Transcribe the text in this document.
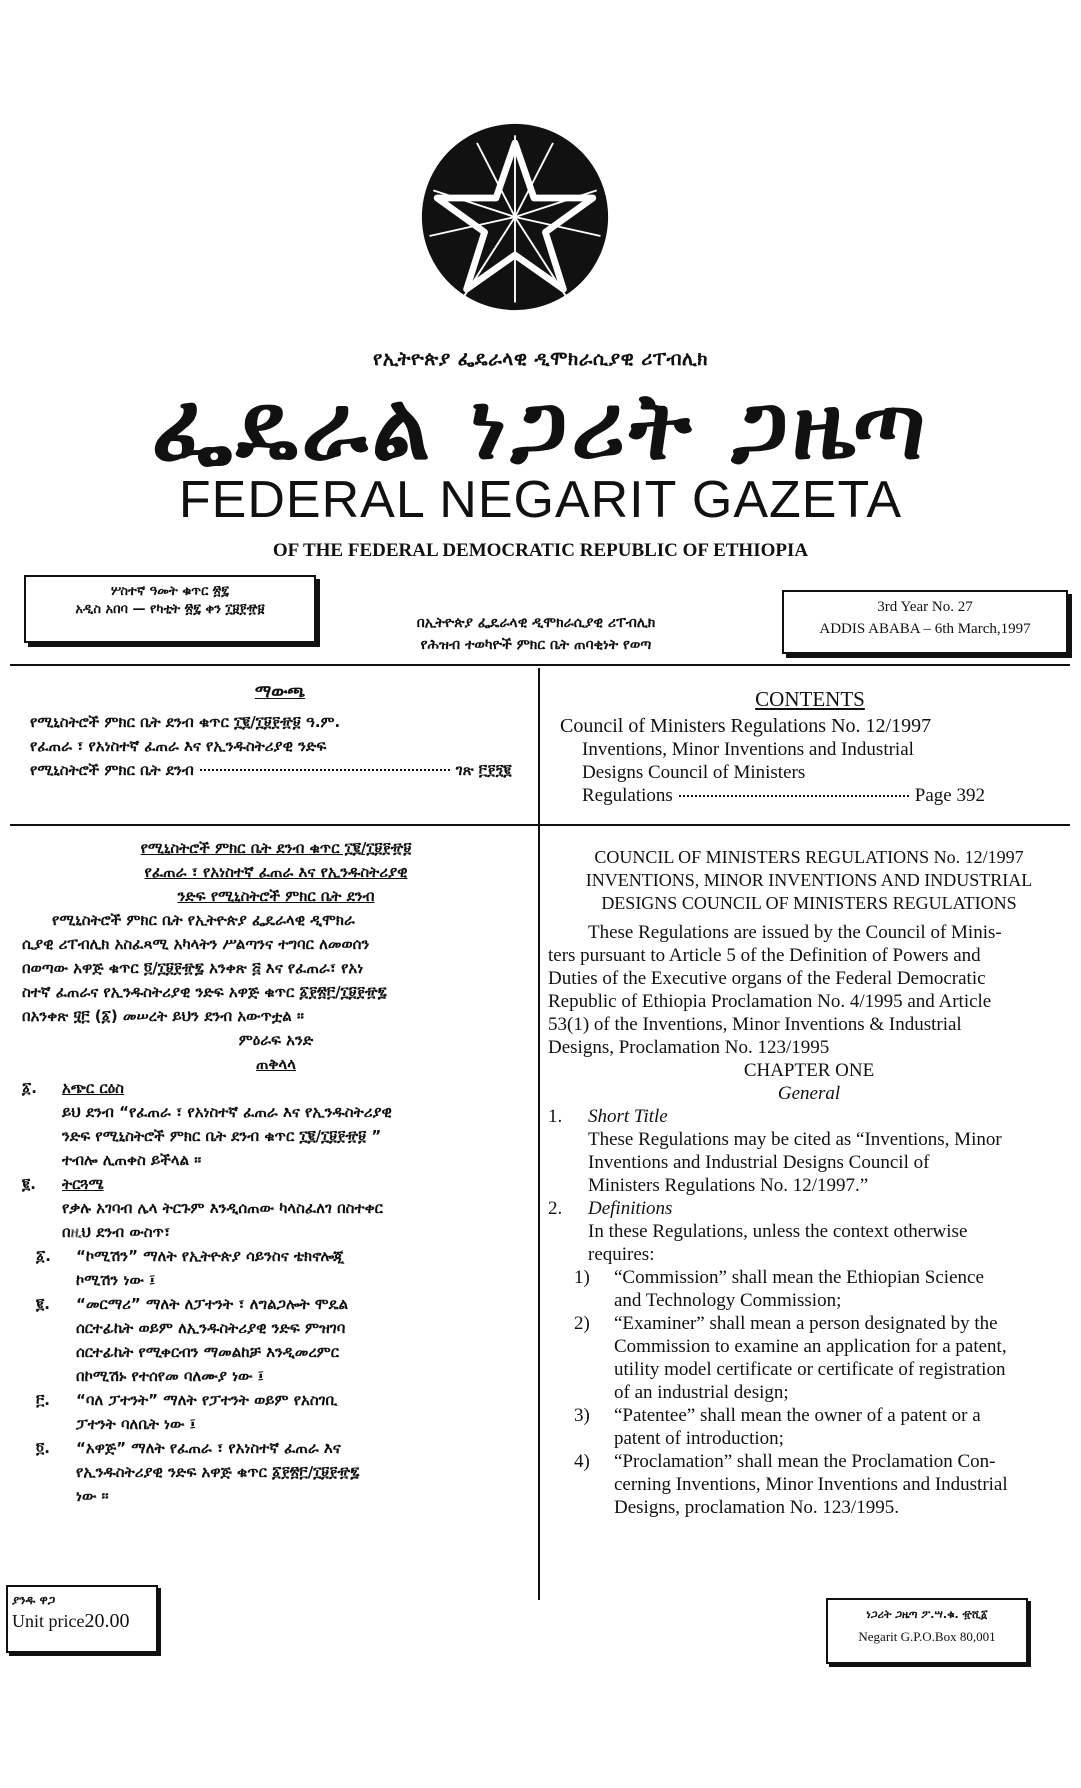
የኢትዮጵያ ፌዴራላዊ ዲሞክራሲያዊ ሪፐብሊክ
ፌዴራል ነጋሪት ጋዜጣ
FEDERAL NEGARIT GAZETA
OF THE FEDERAL DEMOCRATIC REPUBLIC OF ETHIOPIA
ሦስተኛ ዓመት ቁጥር ፳፯
አዲስ አበባ — የካቲት ፳፯ ቀን ፲፱፻፹፱
በኢትዮጵያ ፌዴራላዊ ዲሞክራሲያዊ ሪፐብሊክ
የሕዝብ ተወካዮች ምክር ቤት ጠባቂነት የወጣ
3rd Year No. 27
ADDIS ABABA – 6th March,1997

ማውጫ

የሚኒስትሮች ምክር ቤት ደንብ ቁጥር ፲፪/፲፱፻፹፱ ዓ.ም.

የፈጠራ ፣ የአነስተኛ ፈጠራ እና የኢንዱስትሪያዊ ንድፍ

የሚኒስትሮች ምክር ቤት ደንብ	ገጽ ፫፻፺፪

CONTENTS

Council of Ministers Regulations No. 12/1997

Inventions, Minor Inventions and Industrial

Designs Council of Ministers

Regulations	Page 392

የሚኒስትሮች ምክር ቤት ደንብ ቁጥር ፲፪/፲፱፻፹፱

የፈጠራ ፣ የአነስተኛ ፈጠራ እና የኢንዱስትሪያዊ

ንድፍ የሚኒስትሮች ምክር ቤት ደንብ

የሚኒስትሮች ምክር ቤት የኢትዮጵያ ፌዴራላዊ ዲሞክራ

ሲያዊ ሪፐብሊክ አስፈጻሚ አካላትን ሥልጣንና ተግባር ለመወሰን

በወጣው አዋጅ ቁጥር ፬/፲፱፻፹፯ አንቀጽ ፭ እና የፈጠራ፣ የአነ

ስተኛ ፈጠራና የኢንዱስትሪያዊ ንድፍ አዋጅ ቁጥር ፩፻፳፫/፲፱፻፹፯

በአንቀጽ ፶፫ (፩) መሠረት ይህን ደንብ አውጥቷል ።

ምዕራፍ አንድ

ጠቅላላ

፩. አጭር ርዕስ

ይህ ደንብ “የፈጠራ ፣ የአነስተኛ ፈጠራ እና የኢንዱስትሪያዊ

ንድፍ የሚኒስትሮች ምክር ቤት ደንብ ቁጥር ፲፪/፲፱፻፹፱ ”

ተብሎ ሊጠቀስ ይችላል ።

፪. ትርጓሜ

የቃሉ አገባብ ሌላ ትርጉም እንዲሰጠው ካላስፈለገ በስተቀር

በዚህ ደንብ ውስጥ፣

፩. “ኮሚሽን” ማለት የኢትዮጵያ ሳይንስና ቴክኖሎጂ

ኮሚሽን ነው ፤

፪. “መርማሪ” ማለት ለፓተንት ፣ ለግልጋሎት ሞዴል

ሰርተፊኬት ወይም ለኢንዱስትሪያዊ ንድፍ ምዝገባ

ሰርተፊኬት የሚቀርብን ማመልከቻ እንዲመረምር

በኮሚሽኑ የተሰየመ ባለሙያ ነው ፤

፫. “ባለ ፓተንት” ማለት የፓተንት ወይም የአስገቢ

ፓተንት ባለቤት ነው ፤

፬. “አዋጅ” ማለት የፈጠራ ፣ የአነስተኛ ፈጠራ እና

የኢንዱስትሪያዊ ንድፍ አዋጅ ቁጥር ፩፻፳፫/፲፱፻፹፯

ነው ።

COUNCIL OF MINISTERS REGULATIONS No. 12/1997

INVENTIONS, MINOR INVENTIONS AND INDUSTRIAL

DESIGNS COUNCIL OF MINISTERS REGULATIONS

These Regulations are issued by the Council of Minis-

ters pursuant to Article 5 of the Definition of Powers and

Duties of the Executive organs of the Federal Democratic

Republic of Ethiopia Proclamation No. 4/1995 and Article

53(1) of the Inventions, Minor Inventions & Industrial

Designs, Proclamation No. 123/1995

CHAPTER ONE

General

1. Short Title

These Regulations may be cited as “Inventions, Minor

Inventions and Industrial Designs Council of

Ministers Regulations No. 12/1997.”

2. Definitions

In these Regulations, unless the context otherwise

requires:

1) “Commission” shall mean the Ethiopian Science

and Technology Commission;

2) “Examiner” shall mean a person designated by the

Commission to examine an application for a patent,

utility model certificate or certificate of registration

of an industrial design;

3) “Patentee” shall mean the owner of a patent or a

patent of introduction;

4) “Proclamation” shall mean the Proclamation Con-

cerning Inventions, Minor Inventions and Industrial

Designs, proclamation No. 123/1995.

ያንዱ ዋጋ
Unit price20.00	ነጋሪት ጋዜጣ ፖ.ሣ.ቁ. ፹ሺ፩
Negarit G.P.O.Box 80,001
